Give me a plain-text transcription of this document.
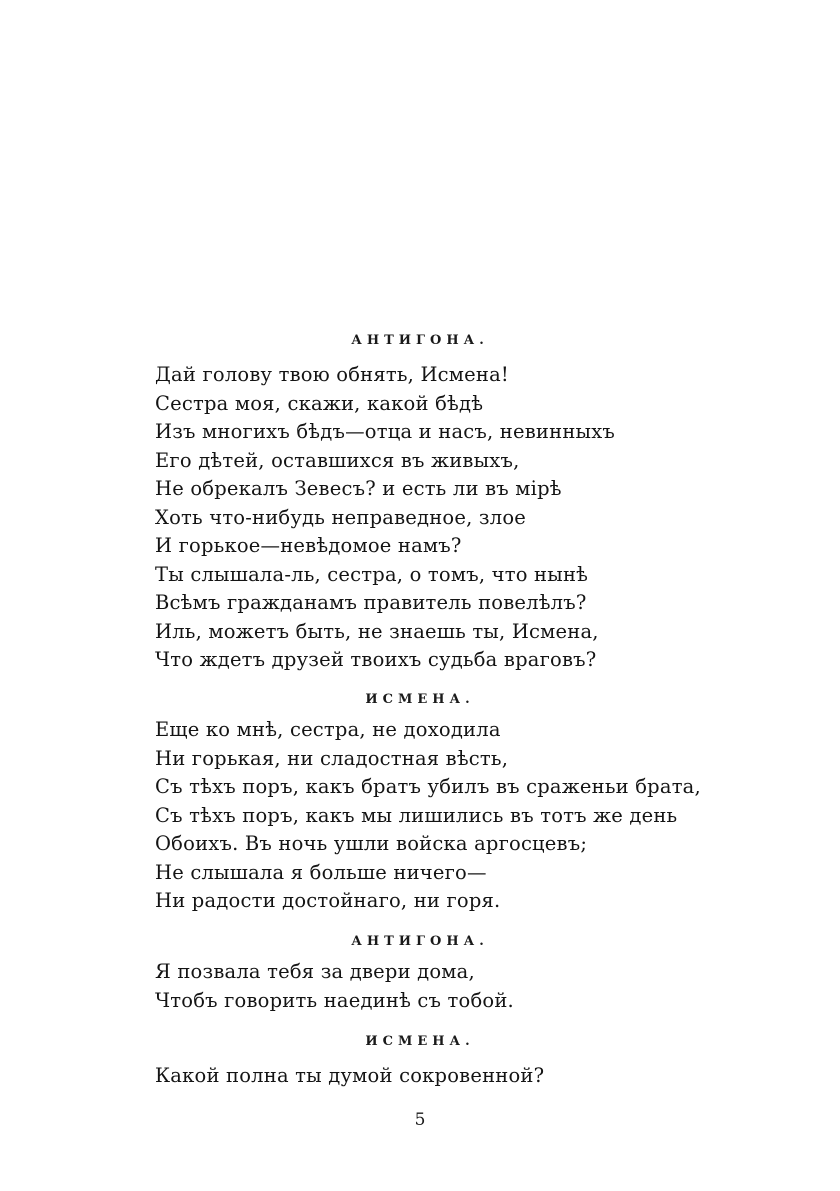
АНТИГОНА.
Дай голову твою обнять, Исмена!
Сестра моя, скажи, какой бѣдѣ
Изъ многихъ бѣдъ—отца и насъ, невинныхъ
Его дѣтей, оставшихся въ живыхъ,
Не обрекалъ Зевесъ? и есть ли въ мірѣ
Хоть что-нибудь неправедное, злое
И горькое—невѣдомое намъ?
Ты слышала-ль, сестра, о томъ, что нынѣ
Всѣмъ гражданамъ правитель повелѣлъ?
Иль, можетъ быть, не знаешь ты, Исмена,
Что ждетъ друзей твоихъ судьба враговъ?
ИСМЕНА.
Еще ко мнѣ, сестра, не доходила
Ни горькая, ни сладостная вѣсть,
Съ тѣхъ поръ, какъ братъ убилъ въ сраженьи брата,
Съ тѣхъ поръ, какъ мы лишились въ тотъ же день
Обоихъ. Въ ночь ушли войска аргосцевъ;
Не слышала я больше ничего—
Ни радости достойнаго, ни горя.
АНТИГОНА.
Я позвала тебя за двери дома,
Чтобъ говорить наединѣ съ тобой.
ИСМЕНА.
Какой полна ты думой сокровенной?
5
